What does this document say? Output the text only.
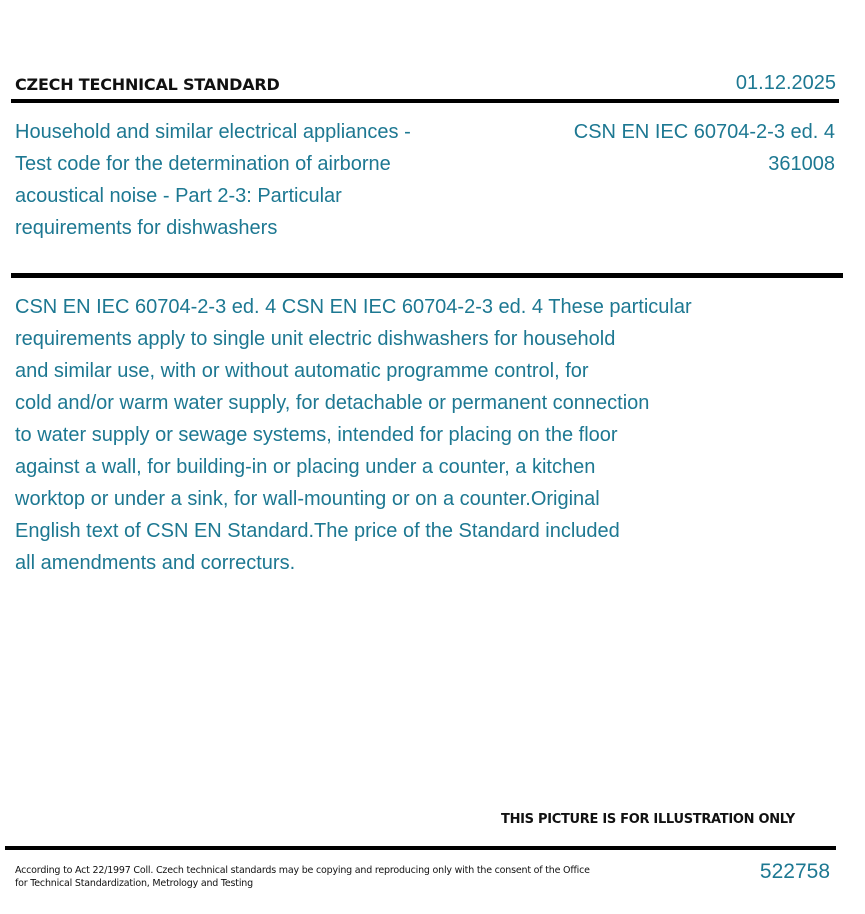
CZECH TECHNICAL STANDARD	01.12.2025
Household and similar electrical appliances - Test code for the determination of airborne acoustical noise - Part 2-3: Particular requirements for dishwashers
CSN EN IEC 60704-2-3 ed. 4
361008
CSN EN IEC 60704-2-3 ed. 4 CSN EN IEC 60704-2-3 ed. 4 These particular
requirements apply to single unit electric dishwashers for household
and similar use, with or without automatic programme control, for
cold and/or warm water supply, for detachable or permanent connection
to water supply or sewage systems, intended for placing on the floor
against a wall, for building-in or placing under a counter, a kitchen
worktop or under a sink, for wall-mounting or on a counter.Original
English text of CSN EN Standard.The price of the Standard included
all amendments and correcturs.
THIS PICTURE IS FOR ILLUSTRATION ONLY
According to Act 22/1997 Coll. Czech technical standards may be copying and reproducing only with the consent of the Office
for Technical Standardization, Metrology and Testing
522758
